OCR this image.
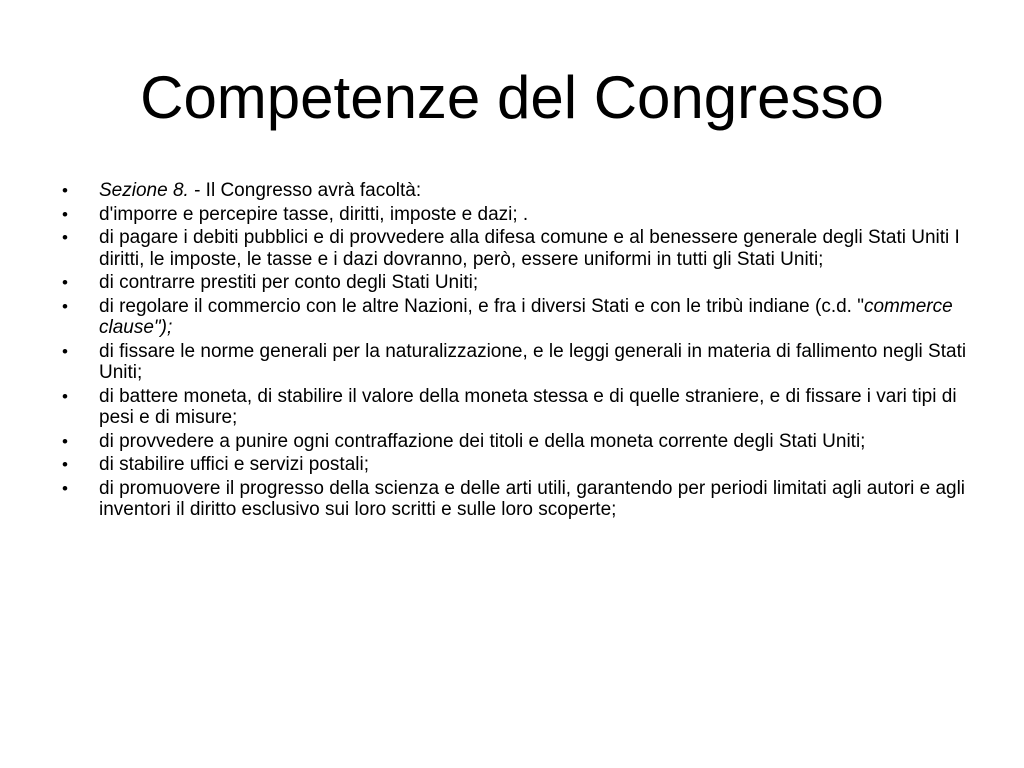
Competenze del Congresso
•	Sezione 8. - Il Congresso avrà facoltà:
•	d'imporre e percepire tasse, diritti, imposte e dazi; .
•	di pagare i debiti pubblici e di provvedere alla difesa comune e al benessere generale degli Stati Uniti I diritti, le imposte, le tasse e i dazi dovranno, però, essere uniformi in tutti gli Stati Uniti;
•	di contrarre prestiti per conto degli Stati Uniti;
•	di regolare il commercio con le altre Nazioni, e fra i diversi Stati e con le tribù indiane (c.d. "commerce clause");
•	di fissare le norme generali per la naturalizzazione, e le leggi generali in materia di fallimento negli Stati Uniti;
•	di battere moneta, di stabilire il valore della moneta stessa e di quelle straniere, e di fissare i vari tipi di pesi e di misure;
•	di provvedere a punire ogni contraffazione dei titoli e della moneta corrente degli Stati Uniti;
•	di stabilire uffici e servizi postali;
•	di promuovere il progresso della scienza e delle arti utili, garantendo per periodi limitati agli autori e agli inventori il diritto esclusivo sui loro scritti e sulle loro scoperte;
